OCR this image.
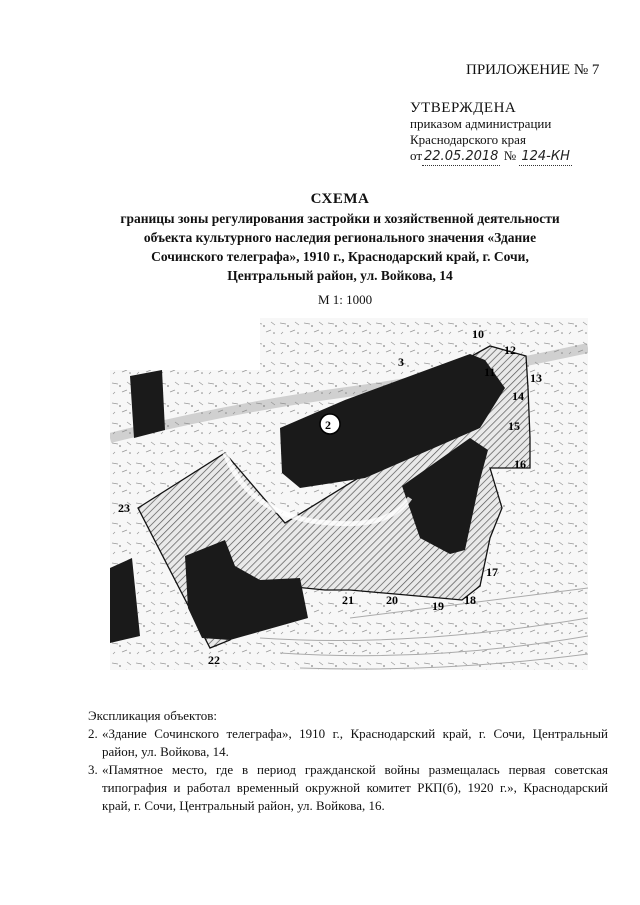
ПРИЛОЖЕНИЕ № 7
УТВЕРЖДЕНА
приказом администрации
Краснодарского края
от 22.05.2018 № 124-КН
СХЕМА
границы зоны регулирования застройки и хозяйственной деятельности
объекта культурного наследия регионального значения «Здание
Сочинского телеграфа», 1910 г., Краснодарский край, г. Сочи,
Центральный район, ул. Войкова, 14
М 1: 1000
2
3
10
11
12
13
14
15
16
17
18
19
20
21
22
23
Экспликация объектов:
2. «Здание Сочинского телеграфа», 1910 г., Краснодарский край, г. Сочи, Центральный район, ул. Войкова, 14.
3. «Памятное место, где в период гражданской войны размещалась первая советская типография и работал временный окружной комитет РКП(б), 1920 г.», Краснодарский край, г. Сочи, Центральный район, ул. Войкова, 16.
